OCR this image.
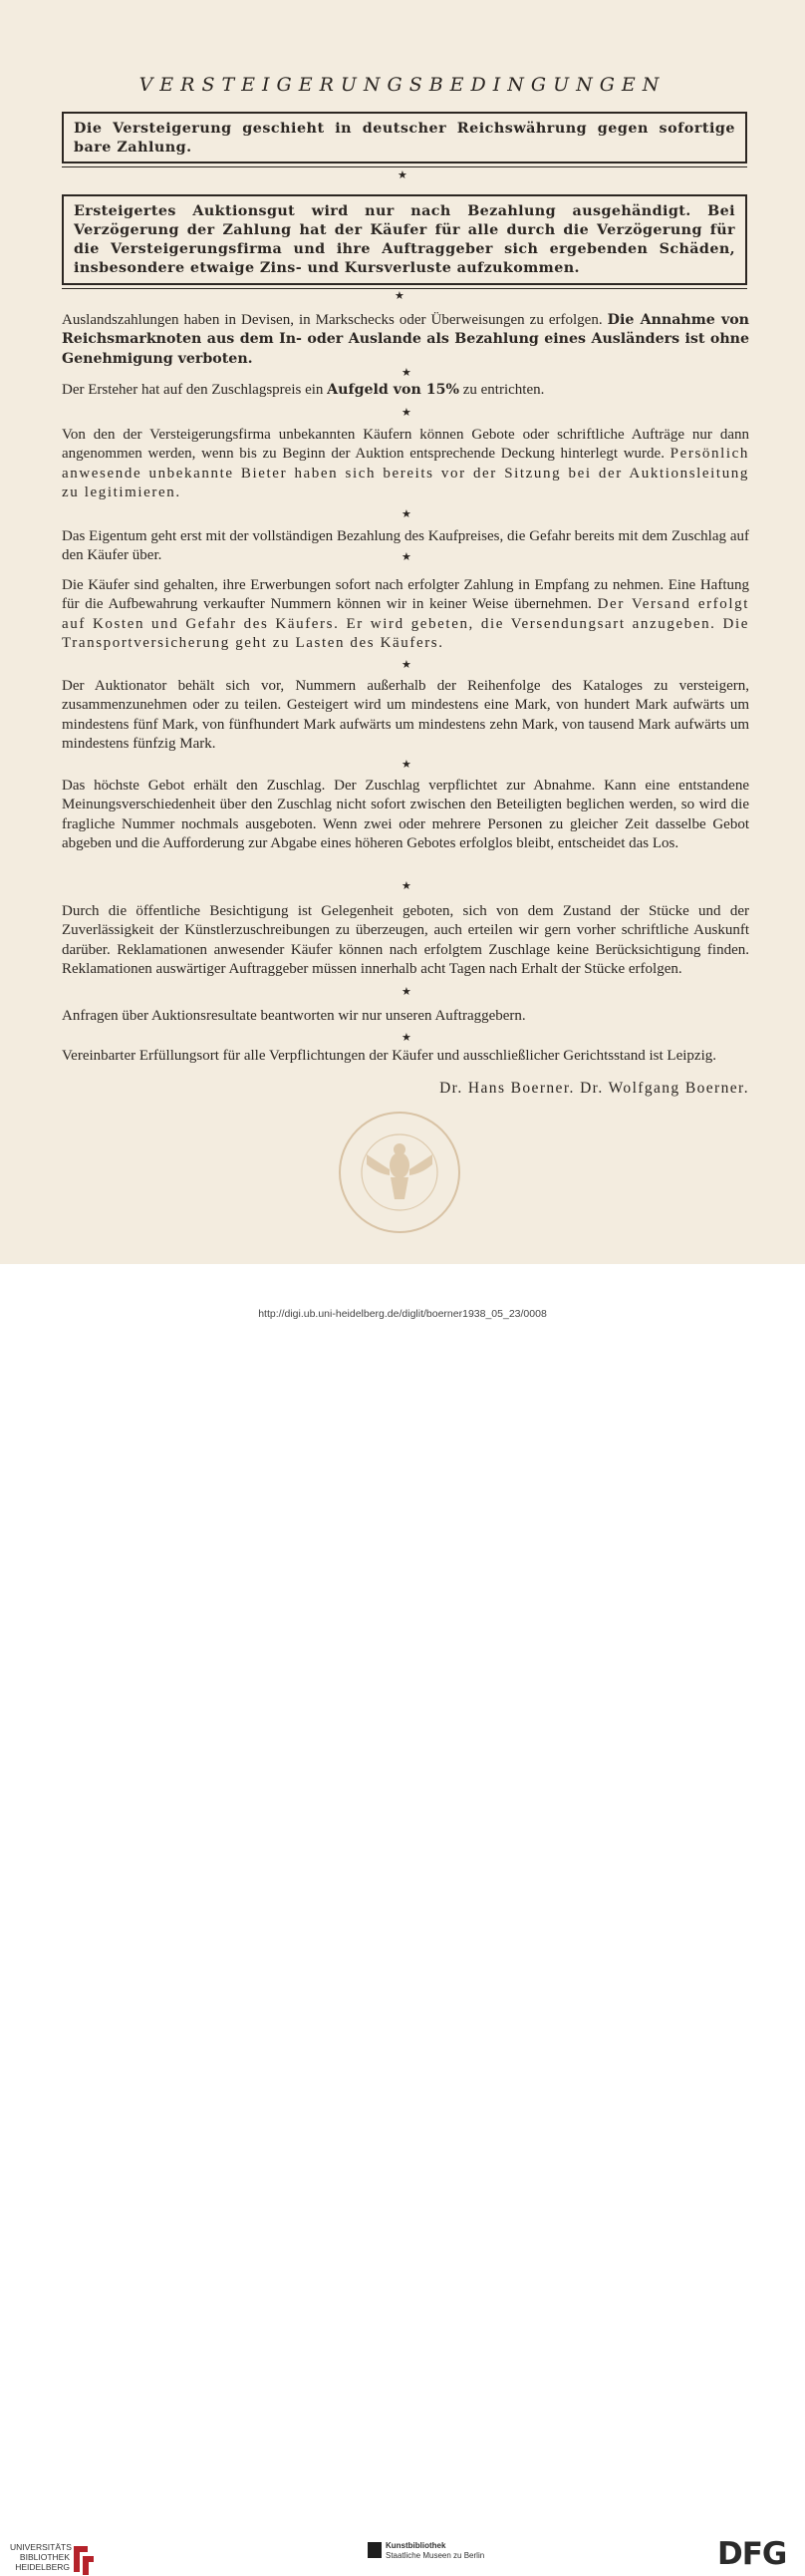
VERSTEIGERUNGSBEDINGUNGEN
Die Versteigerung geschieht in deutscher Reichswährung gegen sofortige bare Zahlung.
★
Ersteigertes Auktionsgut wird nur nach Bezahlung ausgehändigt. Bei Verzögerung der Zahlung hat der Käufer für alle durch die Verzögerung für die Versteigerungsfirma und ihre Auftraggeber sich ergebenden Schäden, insbesondere etwaige Zins- und Kursverluste aufzukommen.
★
Auslandszahlungen haben in Devisen, in Markschecks oder Überweisungen zu erfolgen. Die Annahme von Reichsmarknoten aus dem In- oder Auslande als Bezahlung eines Ausländers ist ohne Genehmigung verboten.
★
Der Ersteher hat auf den Zuschlagspreis ein Aufgeld von 15% zu entrichten.
★
Von den der Versteigerungsfirma unbekannten Käufern können Gebote oder schriftliche Aufträge nur dann angenommen werden, wenn bis zu Beginn der Auktion entsprechende Deckung hinterlegt wurde. Persönlich anwesende unbekannte Bieter haben sich bereits vor der Sitzung bei der Auktionsleitung zu legitimieren.
★
Das Eigentum geht erst mit der vollständigen Bezahlung des Kaufpreises, die Gefahr bereits mit dem Zuschlag auf den Käufer über.	★
Die Käufer sind gehalten, ihre Erwerbungen sofort nach erfolgter Zahlung in Empfang zu nehmen. Eine Haftung für die Aufbewahrung verkaufter Nummern können wir in keiner Weise übernehmen. Der Versand erfolgt auf Kosten und Gefahr des Käufers. Er wird gebeten, die Versendungsart anzugeben. Die Transportversicherung geht zu Lasten des Käufers.
★
Der Auktionator behält sich vor, Nummern außerhalb der Reihenfolge des Kataloges zu versteigern, zusammenzunehmen oder zu teilen. Gesteigert wird um mindestens eine Mark, von hundert Mark aufwärts um mindestens fünf Mark, von fünfhundert Mark aufwärts um mindestens zehn Mark, von tausend Mark aufwärts um mindestens fünfzig Mark.
★
Das höchste Gebot erhält den Zuschlag. Der Zuschlag verpflichtet zur Abnahme. Kann eine entstandene Meinungsverschiedenheit über den Zuschlag nicht sofort zwischen den Beteiligten beglichen werden, so wird die fragliche Nummer nochmals ausgeboten. Wenn zwei oder mehrere Personen zu gleicher Zeit dasselbe Gebot abgeben und die Aufforderung zur Abgabe eines höheren Gebotes erfolglos bleibt, entscheidet das Los.
★
Durch die öffentliche Besichtigung ist Gelegenheit geboten, sich von dem Zustand der Stücke und der Zuverlässigkeit der Künstlerzuschreibungen zu überzeugen, auch erteilen wir gern vorher schriftliche Auskunft darüber. Reklamationen anwesender Käufer können nach erfolgtem Zuschlage keine Berücksichtigung finden. Reklamationen auswärtiger Auftraggeber müssen innerhalb acht Tagen nach Erhalt der Stücke erfolgen.
★
Anfragen über Auktionsresultate beantworten wir nur unseren Auftraggebern.
★
Vereinbarter Erfüllungsort für alle Verpflichtungen der Käufer und ausschließlicher Gerichtsstand ist Leipzig.
Dr. Hans Boerner. Dr. Wolfgang Boerner.
UNIVERSITÄTS
BIBLIOTHEK
HEIDELBERG
Kunstbibliothek
Staatliche Museen zu Berlin	DFG
http://digi.ub.uni-heidelberg.de/diglit/boerner1938_05_23/0008
